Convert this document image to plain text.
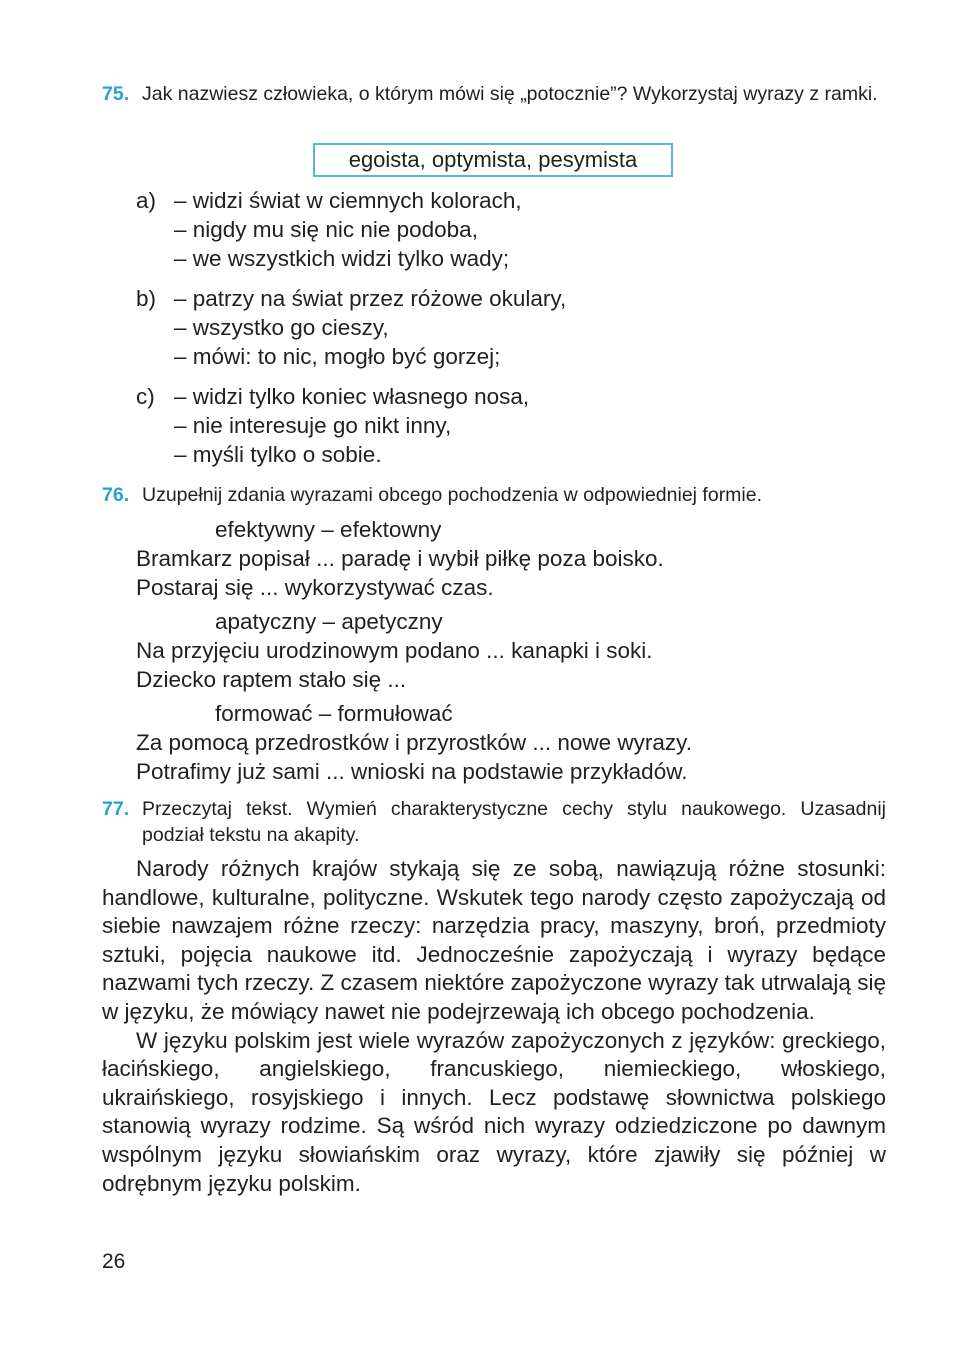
75. Jak nazwiesz człowieka, o którym mówi się „potocznie”? Wykorzystaj wyrazy z ramki.
egoista, optymista, pesymista
a) – widzi świat w ciemnych kolorach,
– nigdy mu się nic nie podoba,
– we wszystkich widzi tylko wady;
b) – patrzy na świat przez różowe okulary,
– wszystko go cieszy,
– mówi: to nic, mogło być gorzej;
c) – widzi tylko koniec własnego nosa,
– nie interesuje go nikt inny,
– myśli tylko o sobie.
76. Uzupełnij zdania wyrazami obcego pochodzenia w odpowiedniej formie.
efektywny – efektowny
Bramkarz popisał ... paradę i wybił piłkę poza boisko.
Postaraj się ... wykorzystywać czas.
apatyczny – apetyczny
Na przyjęciu urodzinowym podano ... kanapki i soki.
Dziecko raptem stało się ...
formować – formułować
Za pomocą przedrostków i przyrostków ... nowe wyrazy.
Potrafimy już sami ... wnioski na podstawie przykładów.
77. Przeczytaj tekst. Wymień charakterystyczne cechy stylu naukowego. Uzasadnij podział tekstu na akapity.

Narody różnych krajów stykają się ze sobą, nawiązują różne stosunki: handlowe, kulturalne, polityczne. Wskutek tego narody często zapożyczają od siebie nawzajem różne rzeczy: narzędzia pracy, maszyny, broń, przedmioty sztuki, pojęcia naukowe itd. Jednocześnie zapożyczają i wyrazy będące nazwami tych rzeczy. Z czasem niektóre zapożyczone wyrazy tak utrwalają się w języku, że mówiący nawet nie podejrzewają ich obcego pochodzenia.

W języku polskim jest wiele wyrazów zapożyczonych z języków: greckiego, łacińskiego, angielskiego, francuskiego, niemieckiego, włoskiego, ukraińskiego, rosyjskiego i innych. Lecz podstawę słownictwa polskiego stanowią wyrazy rodzime. Są wśród nich wyrazy odziedziczone po dawnym wspólnym języku słowiańskim oraz wyrazy, które zjawiły się później w odrębnym języku polskim.

26
